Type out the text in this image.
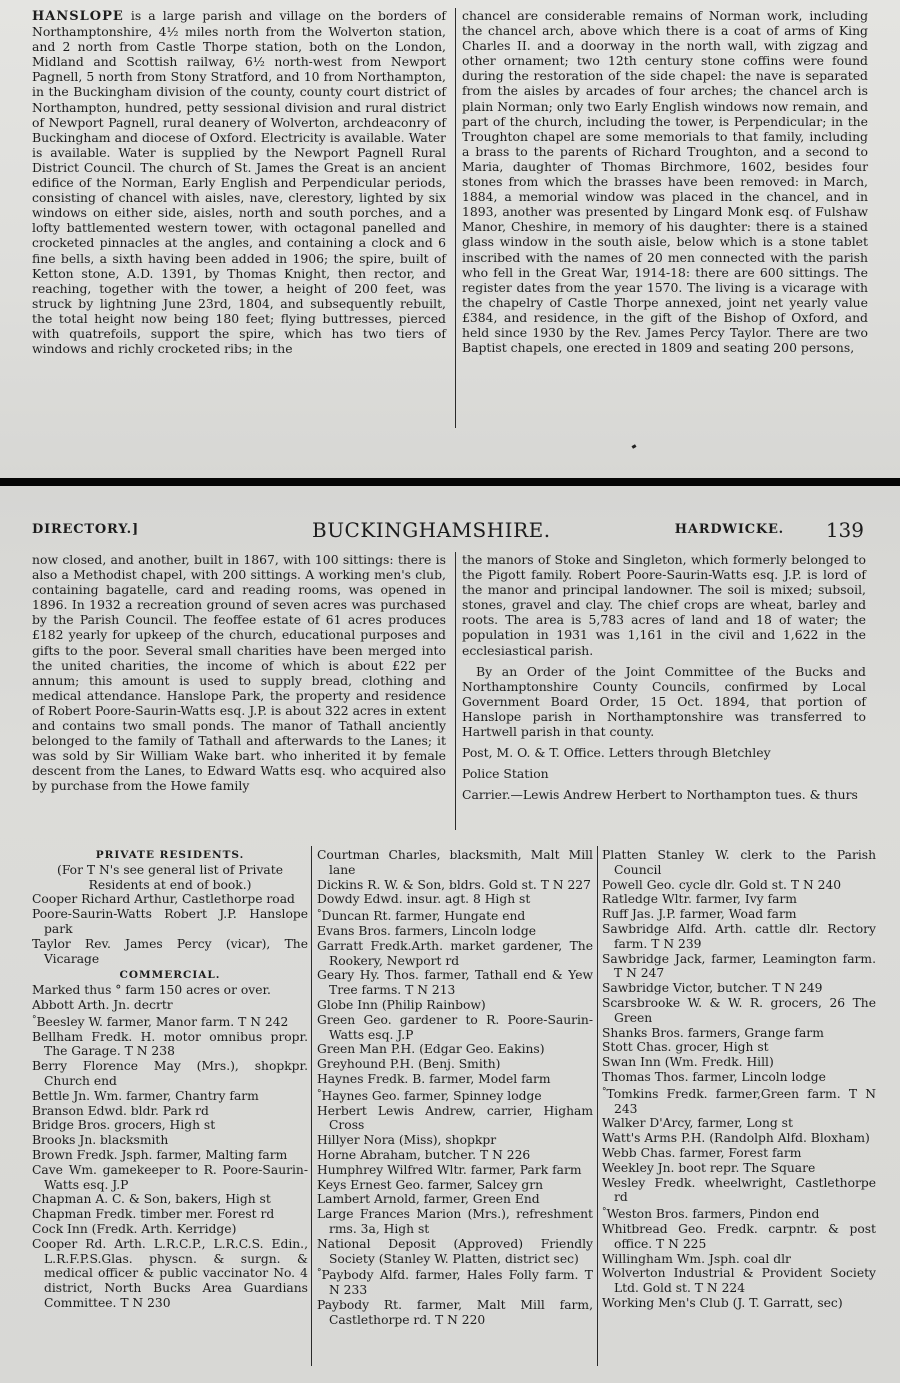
HANSLOPE is a large parish and village on the borders of Northamptonshire, 4½ miles north from the Wolverton station, and 2 north from Castle Thorpe station, both on the London, Midland and Scottish railway, 6½ north-west from Newport Pagnell, 5 north from Stony Stratford, and 10 from Northampton, in the Buckingham division of the county, county court district of Northampton, hundred, petty sessional division and rural district of Newport Pagnell, rural deanery of Wolverton, archdeaconry of Buckingham and diocese of Oxford. Electricity is available. Water is available. Water is supplied by the Newport Pagnell Rural District Council. The church of St. James the Great is an ancient edifice of the Norman, Early English and Perpendicular periods, consisting of chancel with aisles, nave, clerestory, lighted by six windows on either side, aisles, north and south porches, and a lofty battlemented western tower, with octagonal panelled and crocketed pinnacles at the angles, and containing a clock and 6 fine bells, a sixth having been added in 1906; the spire, built of Ketton stone, A.D. 1391, by Thomas Knight, then rector, and reaching, together with the tower, a height of 200 feet, was struck by lightning June 23rd, 1804, and subsequently rebuilt, the total height now being 180 feet; flying buttresses, pierced with quatrefoils, support the spire, which has two tiers of windows and richly crocketed ribs; in the

chancel are considerable remains of Norman work, including the chancel arch, above which there is a coat of arms of King Charles II. and a doorway in the north wall, with zigzag and other ornament; two 12th century stone coffins were found during the restoration of the side chapel: the nave is separated from the aisles by arcades of four arches; the chancel arch is plain Norman; only two Early English windows now remain, and part of the church, including the tower, is Perpendicular; in the Troughton chapel are some memorials to that family, including a brass to the parents of Richard Troughton, and a second to Maria, daughter of Thomas Birchmore, 1602, besides four stones from which the brasses have been removed: in March, 1884, a memorial window was placed in the chancel, and in 1893, another was presented by Lingard Monk esq. of Fulshaw Manor, Cheshire, in memory of his daughter: there is a stained glass window in the south aisle, below which is a stone tablet inscribed with the names of 20 men connected with the parish who fell in the Great War, 1914-18: there are 600 sittings. The register dates from the year 1570. The living is a vicarage with the chapelry of Castle Thorpe annexed, joint net yearly value £384, and residence, in the gift of the Bishop of Oxford, and held since 1930 by the Rev. James Percy Taylor. There are two Baptist chapels, one erected in 1809 and seating 200 persons,

DIRECTORY.]	BUCKINGHAMSHIRE.	HARDWICKE. 139

now closed, and another, built in 1867, with 100 sittings: there is also a Methodist chapel, with 200 sittings. A working men's club, containing bagatelle, card and reading rooms, was opened in 1896. In 1932 a recreation ground of seven acres was purchased by the Parish Council. The feoffee estate of 61 acres produces £182 yearly for upkeep of the church, educational purposes and gifts to the poor. Several small charities have been merged into the united charities, the income of which is about £22 per annum; this amount is used to supply bread, clothing and medical attendance. Hanslope Park, the property and residence of Robert Poore-Saurin-Watts esq. J.P. is about 322 acres in extent and contains two small ponds. The manor of Tathall anciently belonged to the family of Tathall and afterwards to the Lanes; it was sold by Sir William Wake bart. who inherited it by female descent from the Lanes, to Edward Watts esq. who acquired also by purchase from the Howe family

the manors of Stoke and Singleton, which formerly belonged to the Pigott family. Robert Poore-Saurin-Watts esq. J.P. is lord of the manor and principal landowner. The soil is mixed; subsoil, stones, gravel and clay. The chief crops are wheat, barley and roots. The area is 5,783 acres of land and 18 of water; the population in 1931 was 1,161 in the civil and 1,622 in the ecclesiastical parish.

By an Order of the Joint Committee of the Bucks and Northamptonshire County Councils, confirmed by Local Government Board Order, 15 Oct. 1894, that portion of Hanslope parish in Northamptonshire was transferred to Hartwell parish in that county.

Post, M. O. & T. Office. Letters through Bletchley

Police Station

Carrier.—Lewis Andrew Herbert to Northampton tues. & thurs

PRIVATE RESIDENTS.
(For T N's see general list of Private Residents at end of book.)
Cooper Richard Arthur, Castlethorpe road
Poore-Saurin-Watts Robert J.P. Hanslope park
Taylor Rev. James Percy (vicar), The Vicarage
COMMERCIAL.
Marked thus ° farm 150 acres or over.
Abbott Arth. Jn. decrtr
°Beesley W. farmer, Manor farm. T N 242
Bellham Fredk. H. motor omnibus propr. The Garage. T N 238
Berry Florence May (Mrs.), shopkpr. Church end
Bettle Jn. Wm. farmer, Chantry farm
Branson Edwd. bldr. Park rd
Bridge Bros. grocers, High st
Brooks Jn. blacksmith
Brown Fredk. Jsph. farmer, Malting farm
Cave Wm. gamekeeper to R. Poore-Saurin-Watts esq. J.P
Chapman A. C. & Son, bakers, High st
Chapman Fredk. timber mer. Forest rd
Cock Inn (Fredk. Arth. Kerridge)
Cooper Rd. Arth. L.R.C.P., L.R.C.S. Edin., L.R.F.P.S.Glas. physcn. & surgn. & medical officer & public vaccinator No. 4 district, North Bucks Area Guardians Committee. T N 230
Courtman Charles, blacksmith, Malt Mill lane
Dickins R. W. & Son, bldrs. Gold st. T N 227
Dowdy Edwd. insur. agt. 8 High st
°Duncan Rt. farmer, Hungate end
Evans Bros. farmers, Lincoln lodge
Garratt Fredk.Arth. market gardener, The Rookery, Newport rd
Geary Hy. Thos. farmer, Tathall end & Yew Tree farms. T N 213
Globe Inn (Philip Rainbow)
Green Geo. gardener to R. Poore-Saurin-Watts esq. J.P
Green Man P.H. (Edgar Geo. Eakins)
Greyhound P.H. (Benj. Smith)
Haynes Fredk. B. farmer, Model farm
°Haynes Geo. farmer, Spinney lodge
Herbert Lewis Andrew, carrier, Higham Cross
Hillyer Nora (Miss), shopkpr
Horne Abraham, butcher. T N 226
Humphrey Wilfred Wltr. farmer, Park farm
Keys Ernest Geo. farmer, Salcey grn
Lambert Arnold, farmer, Green End
Large Frances Marion (Mrs.), refreshment rms. 3a, High st
National Deposit (Approved) Friendly Society (Stanley W. Platten, district sec)
°Paybody Alfd. farmer, Hales Folly farm. T N 233
Paybody Rt. farmer, Malt Mill farm, Castlethorpe rd. T N 220
Platten Stanley W. clerk to the Parish Council
Powell Geo. cycle dlr. Gold st. T N 240
Ratledge Wltr. farmer, Ivy farm
Ruff Jas. J.P. farmer, Woad farm
Sawbridge Alfd. Arth. cattle dlr. Rectory farm. T N 239
Sawbridge Jack, farmer, Leamington farm. T N 247
Sawbridge Victor, butcher. T N 249
Scarsbrooke W. & W. R. grocers, 26 The Green
Shanks Bros. farmers, Grange farm
Stott Chas. grocer, High st
Swan Inn (Wm. Fredk. Hill)
Thomas Thos. farmer, Lincoln lodge
°Tomkins Fredk. farmer,Green farm. T N 243
Walker D'Arcy, farmer, Long st
Watt's Arms P.H. (Randolph Alfd. Bloxham)
Webb Chas. farmer, Forest farm
Weekley Jn. boot repr. The Square
Wesley Fredk. wheelwright, Castlethorpe rd
°Weston Bros. farmers, Pindon end
Whitbread Geo. Fredk. carpntr. & post office. T N 225
Willingham Wm. Jsph. coal dlr
Wolverton Industrial & Provident Society Ltd. Gold st. T N 224
Working Men's Club (J. T. Garratt, sec)
